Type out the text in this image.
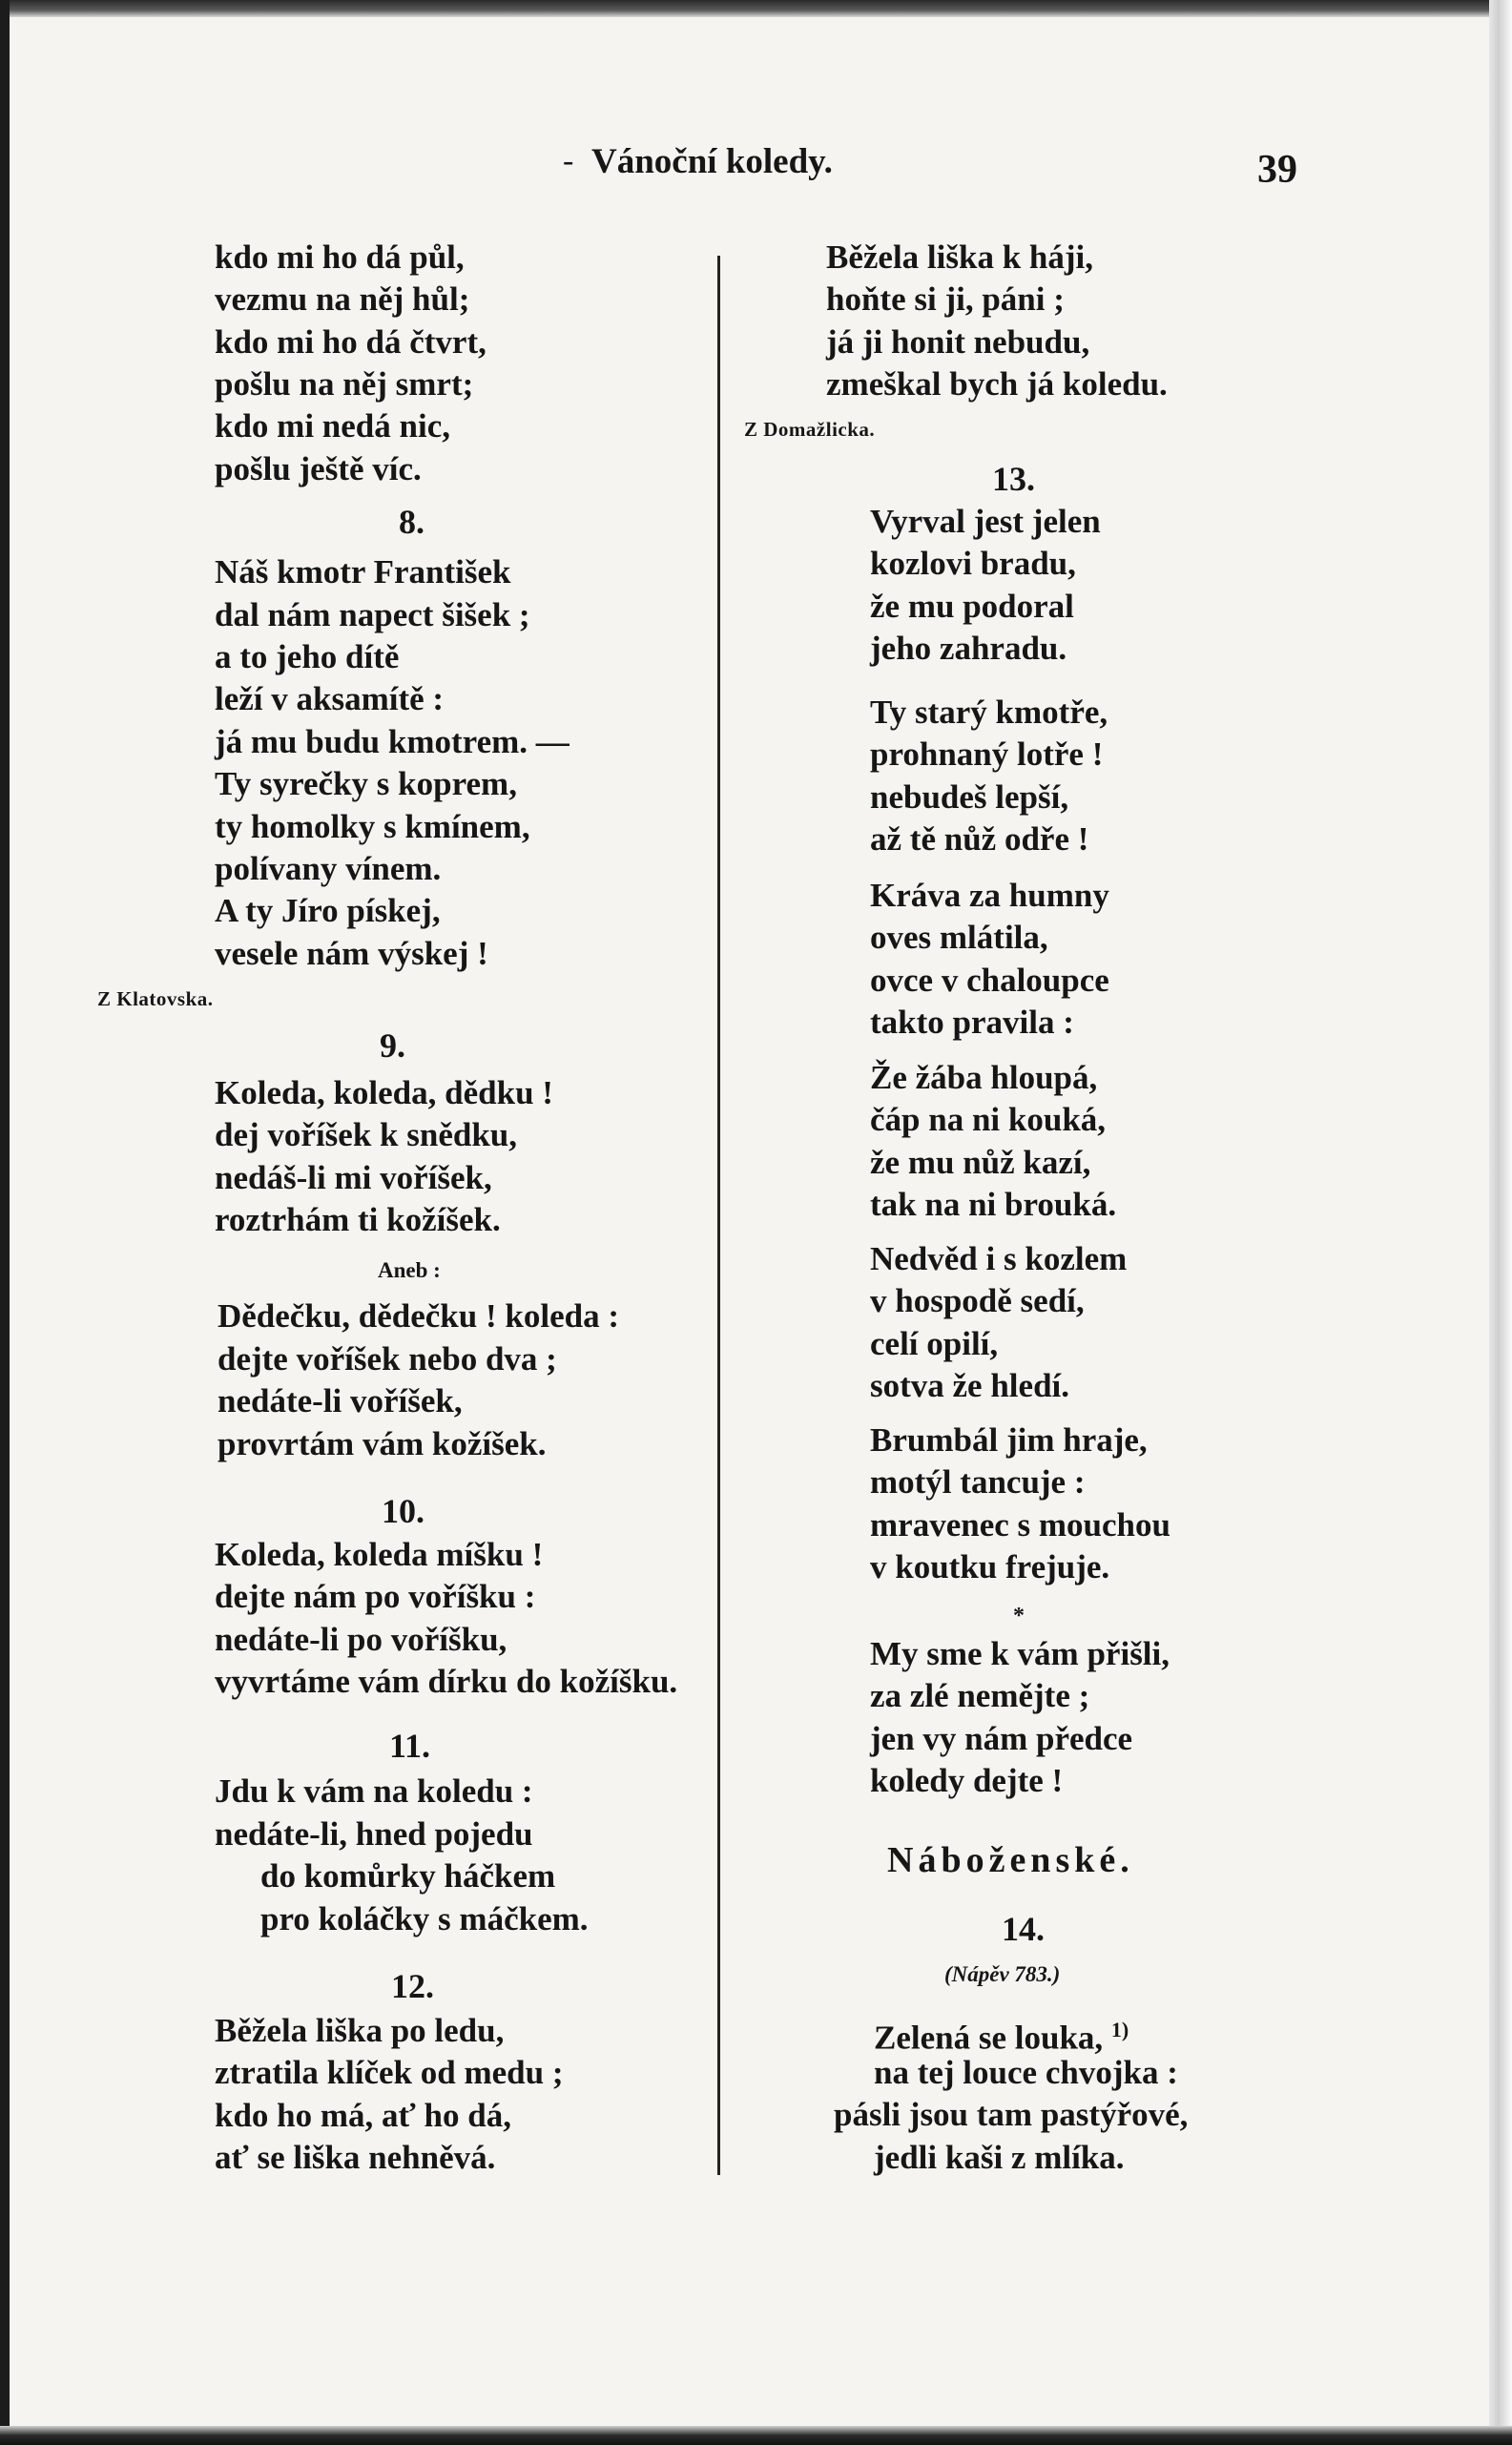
- Vánoční koledy.	39
kdo mi ho dá půl,
vezmu na něj hůl;
kdo mi ho dá čtvrt,
pošlu na něj smrt;
kdo mi nedá nic,
pošlu ještě víc.
8.
Náš kmotr František
dal nám napect šišek ;
a to jeho dítě
leží v aksamítě :
já mu budu kmotrem. —
Ty syrečky s koprem,
ty homolky s kmínem,
polívany vínem.
A ty Jíro pískej,
vesele nám výskej !
Z Klatovska.
9.
Koleda, koleda, dědku !
dej voříšek k snědku,
nedáš-li mi voříšek,
roztrhám ti kožíšek.
Aneb :
Dědečku, dědečku ! koleda :
dejte voříšek nebo dva ;
nedáte-li voříšek,
provrtám vám kožíšek.
10.
Koleda, koleda míšku !
dejte nám po voříšku :
nedáte-li po voříšku,
vyvrtáme vám dírku do kožíšku.
11.
Jdu k vám na koledu :
nedáte-li, hned pojedu
do komůrky háčkem
pro koláčky s máčkem.
12.
Běžela liška po ledu,
ztratila klíček od medu ;
kdo ho má, ať ho dá,
ať se liška nehněvá.
Běžela liška k háji,
hoňte si ji, páni ;
já ji honit nebudu,
zmeškal bych já koledu.
Z Domažlicka.
13.
Vyrval jest jelen
kozlovi bradu,
že mu podoral
jeho zahradu.
Ty starý kmotře,
prohnaný lotře !
nebudeš lepší,
až tě nůž odře !
Kráva za humny
oves mlátila,
ovce v chaloupce
takto pravila :
Že žába hloupá,
čáp na ni kouká,
že mu nůž kazí,
tak na ni brouká.
Nedvěd i s kozlem
v hospodě sedí,
celí opilí,
sotva že hledí.
Brumbál jim hraje,
motýl tancuje :
mravenec s mouchou
v koutku frejuje.
*
My sme k vám přišli,
za zlé nemějte ;
jen vy nám předce
koledy dejte !
Náboženské.
14.
(Nápěv 783.)
Zelená se louka, $^{1)}$
na tej louce chvojka :
pásli jsou tam pastýřové,
jedli kaši z mlíka.
